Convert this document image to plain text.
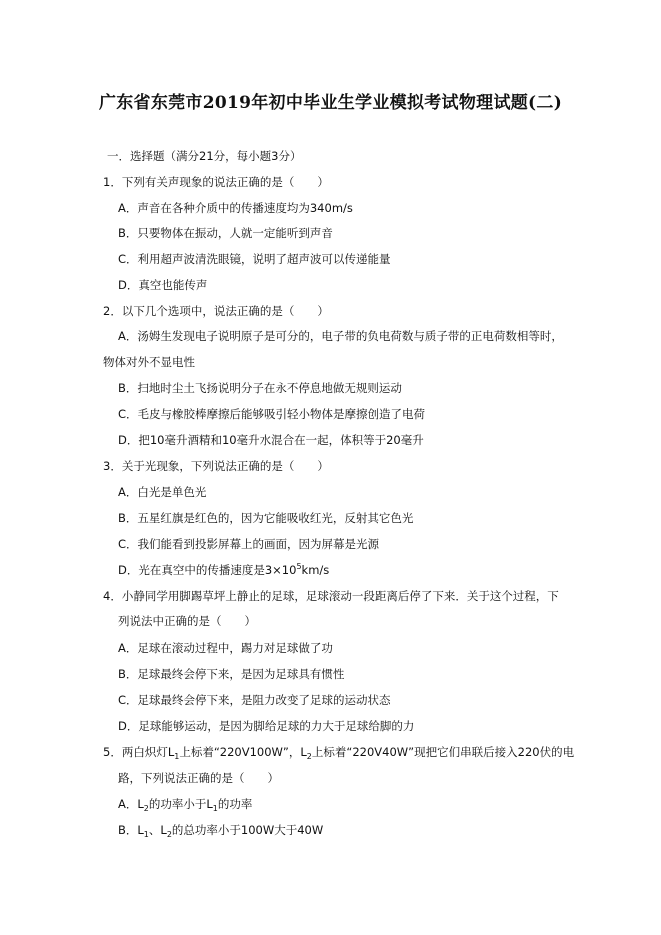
广东省东莞市2019年初中毕业生学业模拟考试物理试题(二)
一．选择题（满分21分，每小题3分）
1．下列有关声现象的说法正确的是（　　）
A．声音在各种介质中的传播速度均为340m/s
B．只要物体在振动，人就一定能听到声音
C．利用超声波清洗眼镜，说明了超声波可以传递能量
D．真空也能传声
2．以下几个选项中，说法正确的是（　　）
A．汤姆生发现电子说明原子是可分的，电子带的负电荷数与质子带的正电荷数相等时，
物体对外不显电性
B．扫地时尘土飞扬说明分子在永不停息地做无规则运动
C．毛皮与橡胶棒摩擦后能够吸引轻小物体是摩擦创造了电荷
D．把10毫升酒精和10毫升水混合在一起，体积等于20毫升
3．关于光现象，下列说法正确的是（　　）
A．白光是单色光
B．五星红旗是红色的，因为它能吸收红光，反射其它色光
C．我们能看到投影屏幕上的画面，因为屏幕是光源
D．光在真空中的传播速度是$3\times 10^5km/s$
4．小静同学用脚踢草坪上静止的足球，足球滚动一段距离后停了下来．关于这个过程，下
列说法中正确的是（　　）
A．足球在滚动过程中，踢力对足球做了功
B．足球最终会停下来，是因为足球具有惯性
C．足球最终会停下来，是阻力改变了足球的运动状态
D．足球能够运动，是因为脚给足球的力大于足球给脚的力
5．两白炽灯$L_1$上标着“220V100W”，$L_2$上标着“220V40W”现把它们串联后接入220伏的电
路，下列说法正确的是（　　）
A．$L_2$的功率小于$L_1$的功率
B．$L_1$、$L_2$的总功率小于100W大于40W
